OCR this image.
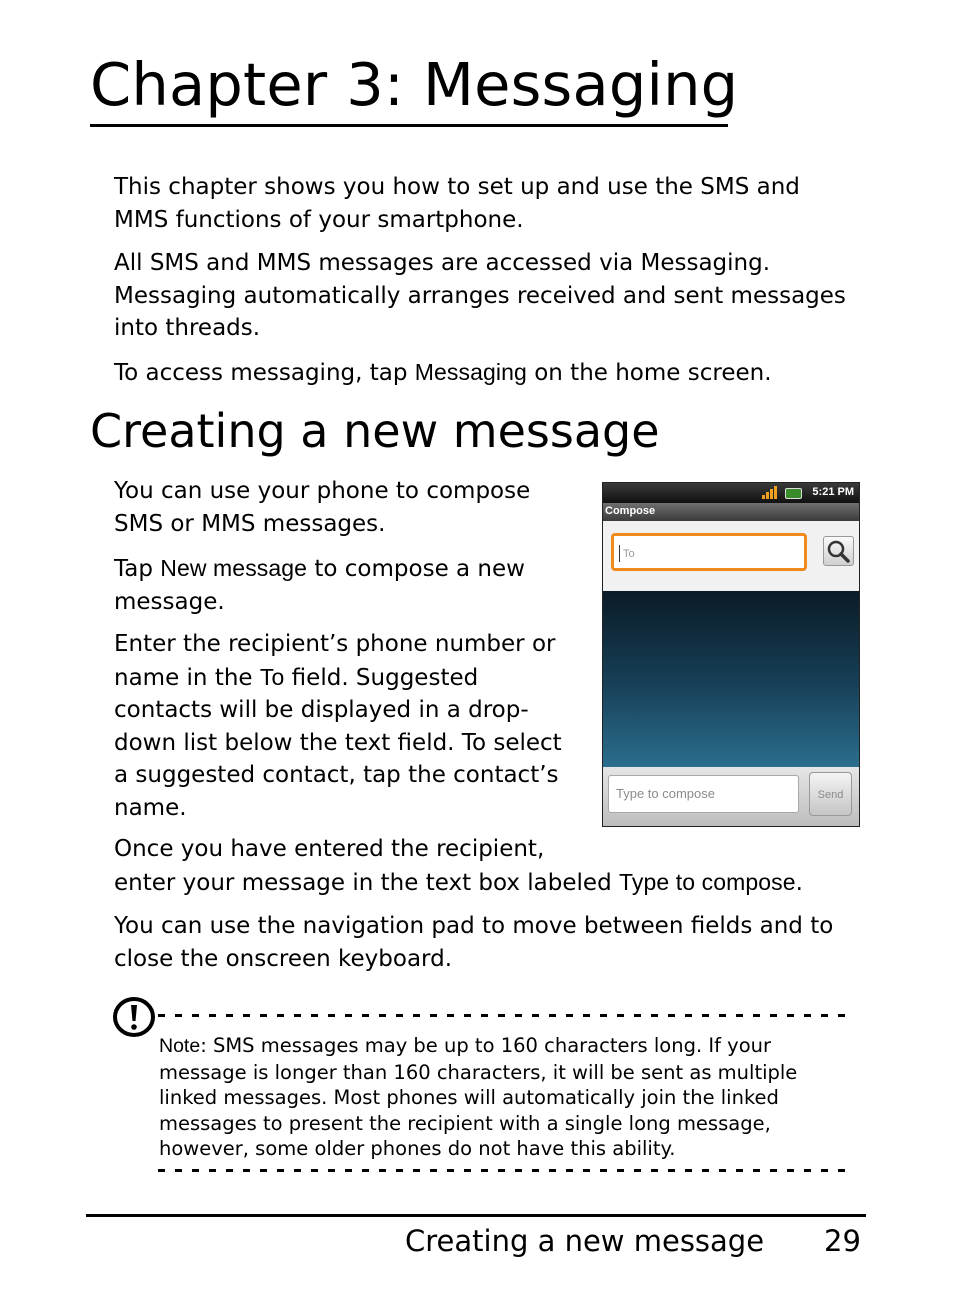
Chapter 3: Messaging

This chapter shows you how to set up and use the SMS and MMS functions of your smartphone.

All SMS and MMS messages are accessed via Messaging. Messaging automatically arranges received and sent messages into threads.

To access messaging, tap Messaging on the home screen.

Creating a new message

You can use your phone to compose SMS or MMS messages.

Tap New message to compose a new message.

Enter the recipient’s phone number or name in the To field. Suggested contacts will be displayed in a drop-down list below the text field. To select a suggested contact, tap the contact’s name.

Once you have entered the recipient,
enter your message in the text box labeled Type to compose.

You can use the navigation pad to move between fields and to close the onscreen keyboard.

5:21 PM
Compose
To
Type to compose	Send

Note: SMS messages may be up to 160 characters long. If your message is longer than 160 characters, it will be sent as multiple linked messages. Most phones will automatically join the linked messages to present the recipient with a single long message, however, some older phones do not have this ability.

Creating a new message 29
